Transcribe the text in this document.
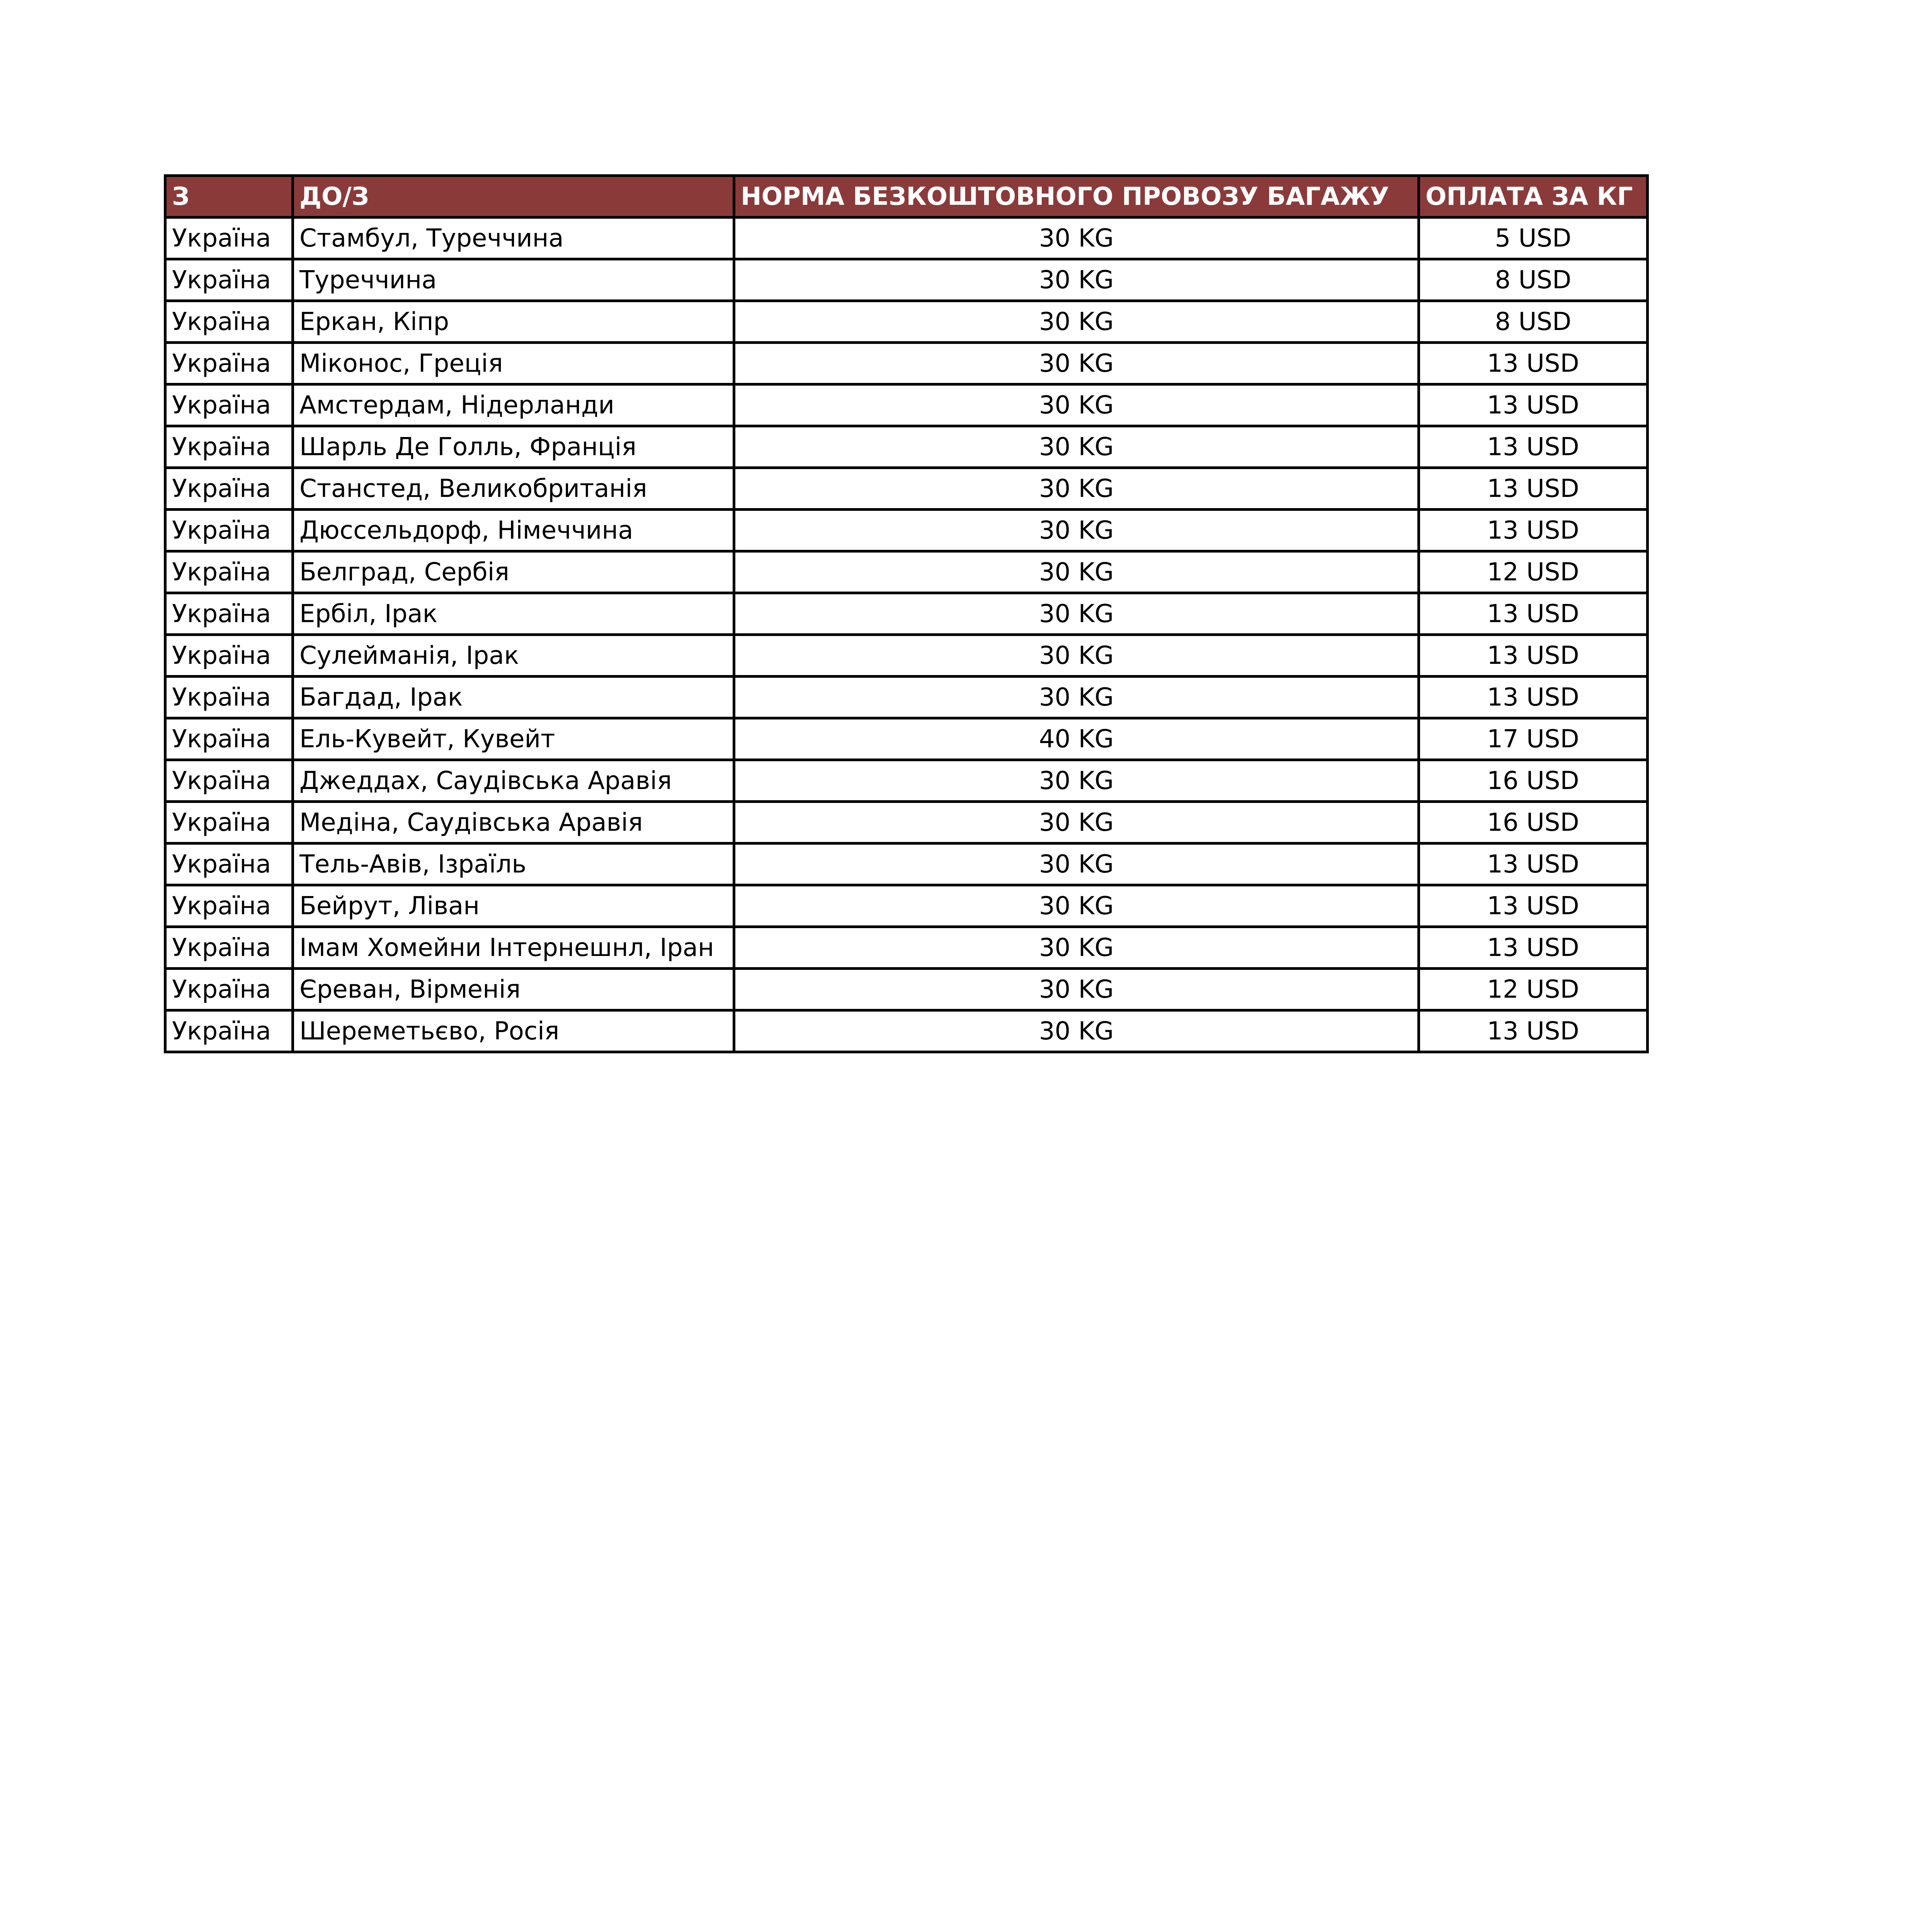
З	ДО/З	НОРМА БЕЗКОШТОВНОГО ПРОВОЗУ БАГАЖУ	ОПЛАТА ЗА КГ
Україна	Стамбул, Туреччина	30 KG	5 USD
Україна	Туреччина	30 KG	8 USD
Україна	Еркан, Кіпр	30 KG	8 USD
Україна	Міконос, Греція	30 KG	13 USD
Україна	Амстердам, Нідерланди	30 KG	13 USD
Україна	Шарль Де Голль, Франція	30 KG	13 USD
Україна	Станстед, Великобританія	30 KG	13 USD
Україна	Дюссельдорф, Німеччина	30 KG	13 USD
Україна	Белград, Сербія	30 KG	12 USD
Україна	Ербіл, Ірак	30 KG	13 USD
Україна	Сулейманія, Ірак	30 KG	13 USD
Україна	Багдад, Ірак	30 KG	13 USD
Україна	Ель-Кувейт, Кувейт	40 KG	17 USD
Україна	Джеддах, Саудівська Аравія	30 KG	16 USD
Україна	Медіна, Саудівська Аравія	30 KG	16 USD
Україна	Тель-Авів, Ізраїль	30 KG	13 USD
Україна	Бейрут, Ліван	30 KG	13 USD
Україна	Імам Хомейни Інтернешнл, Іран	30 KG	13 USD
Україна	Єреван, Вірменія	30 KG	12 USD
Україна	Шереметьєво, Росія	30 KG	13 USD
